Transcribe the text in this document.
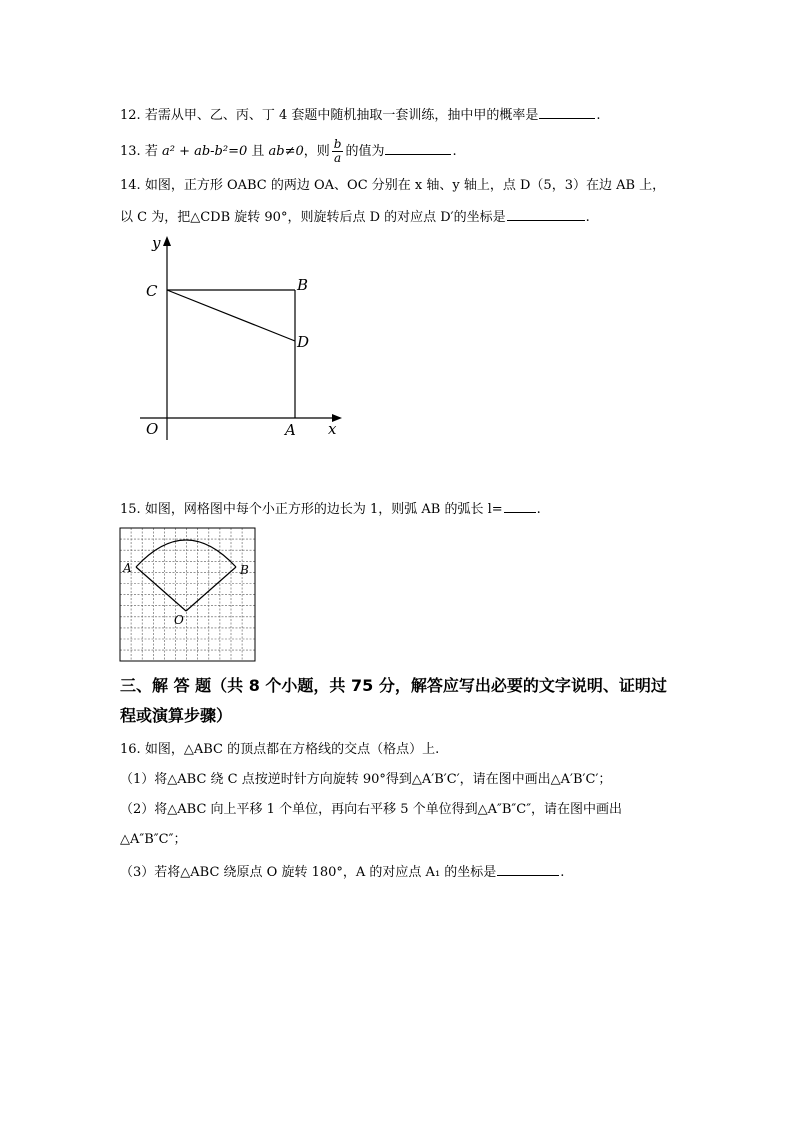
12. 若需从甲、乙、丙、丁 4 套题中随机抽取一套训练，抽中甲的概率是	.
13. 若 a² + ab-b²=0 且 ab≠0，则 $\frac{b}{a}$ 的值为	.
14. 如图，正方形 OABC 的两边 OA、OC 分别在 x 轴、y 轴上，点 D（5，3）在边 AB 上，
以 C 为，把△CDB 旋转 90°，则旋转后点 D 的对应点 D′的坐标是	.
y
C	B
D
O	A x
15. 如图，网格图中每个小正方形的边长为 1，则弧 AB 的弧长 l=	.
A	B
O
三、解 答 题（共 8 个小题，共 75 分，解答应写出必要的文字说明、证明过
程或演算步骤）
16. 如图，△ABC 的顶点都在方格线的交点（格点）上.
（1）将△ABC 绕 C 点按逆时针方向旋转 90°得到△A′B′C′，请在图中画出△A′B′C′；
（2）将△ABC 向上平移 1 个单位，再向右平移 5 个单位得到△A″B″C″，请在图中画出
△A″B″C″；
（3）若将△ABC 绕原点 O 旋转 180°，A 的对应点 A₁ 的坐标是	.
